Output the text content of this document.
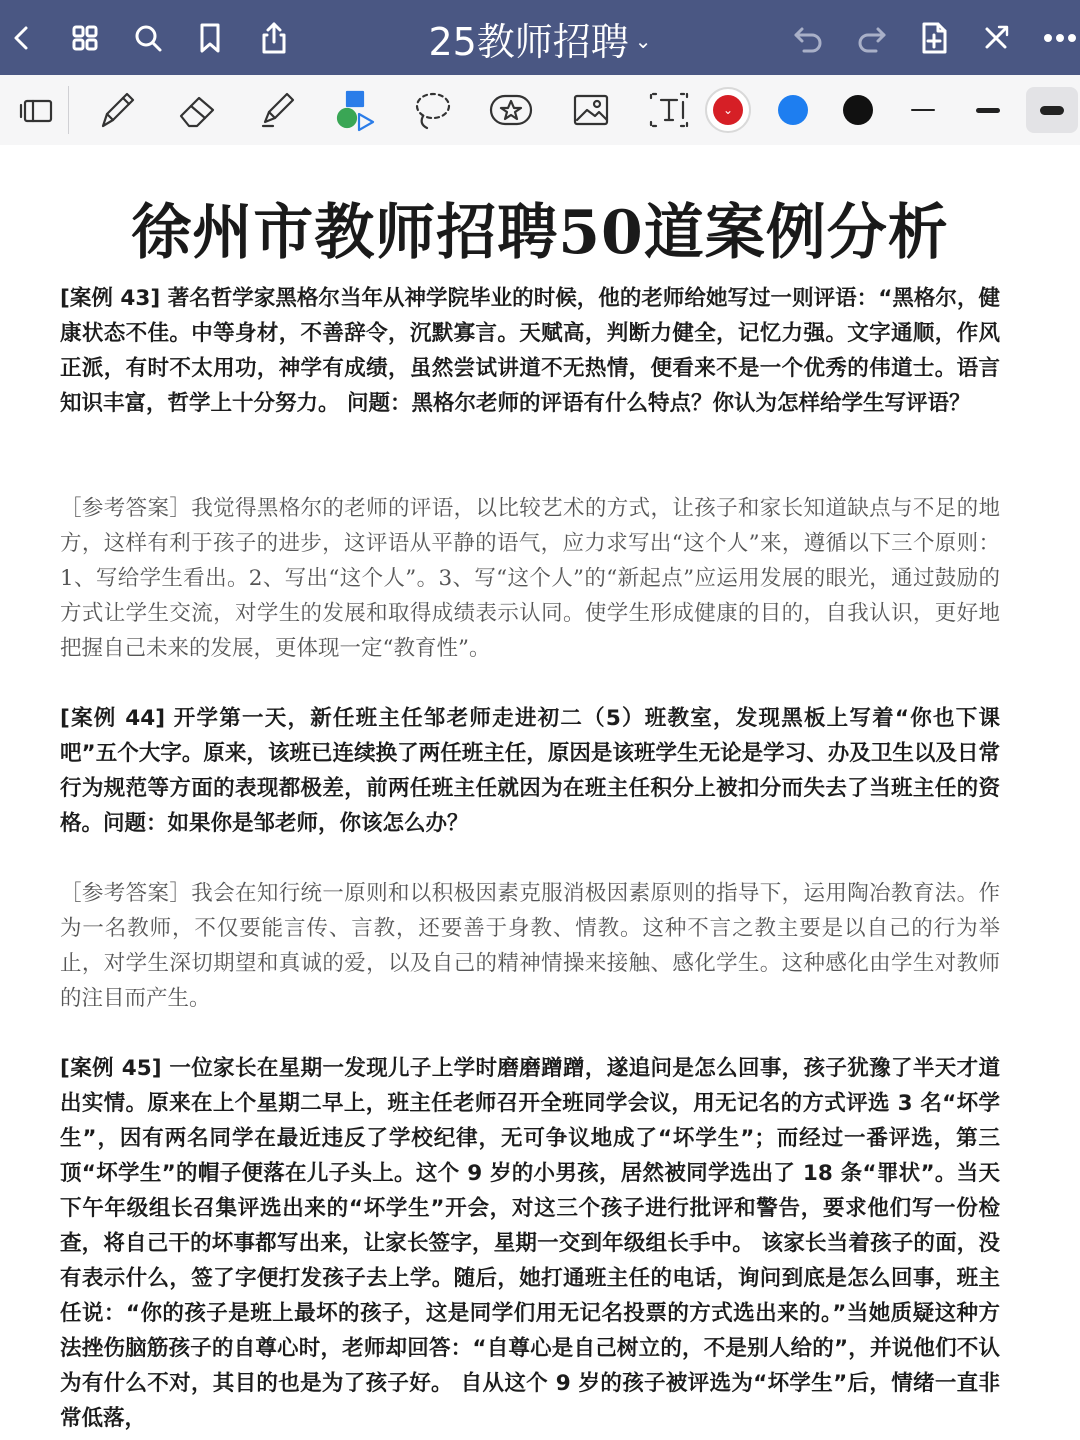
25教师招聘 ⌄
⌄
徐州市教师招聘50道案例分析
[案例 43] 著名哲学家黑格尔当年从神学院毕业的时候，他的老师给她写过一则评语：“黑格尔，健康状态不佳。中等身材，不善辞令，沉默寡言。天赋高，判断力健全，记忆力强。文字通顺，作风正派，有时不太用功，神学有成绩，虽然尝试讲道不无热情，便看来不是一个优秀的伟道士。语言知识丰富，哲学上十分努力。 问题：黑格尔老师的评语有什么特点？你认为怎样给学生写评语？
［参考答案］我觉得黑格尔的老师的评语，以比较艺术的方式，让孩子和家长知道缺点与不足的地方，这样有利于孩子的进步，这评语从平静的语气，应力求写出“这个人”来，遵循以下三个原则：1、写给学生看出。2、写出“这个人”。3、写“这个人”的“新起点”应运用发展的眼光，通过鼓励的方式让学生交流，对学生的发展和取得成绩表示认同。使学生形成健康的目的，自我认识，更好地把握自己未来的发展，更体现一定“教育性”。
[案例 44] 开学第一天，新任班主任邹老师走进初二（5）班教室，发现黑板上写着“你也下课吧”五个大字。原来，该班已连续换了两任班主任，原因是该班学生无论是学习、办及卫生以及日常行为规范等方面的表现都极差，前两任班主任就因为在班主任积分上被扣分而失去了当班主任的资格。问题：如果你是邹老师，你该怎么办？
［参考答案］我会在知行统一原则和以积极因素克服消极因素原则的指导下，运用陶冶教育法。作为一名教师，不仅要能言传、言教，还要善于身教、情教。这种不言之教主要是以自己的行为举止，对学生深切期望和真诚的爱，以及自己的精神情操来接触、感化学生。这种感化由学生对教师的注目而产生。
[案例 45] 一位家长在星期一发现儿子上学时磨磨蹭蹭，遂追问是怎么回事，孩子犹豫了半天才道出实情。原来在上个星期二早上，班主任老师召开全班同学会议，用无记名的方式评选 3 名“坏学生”，因有两名同学在最近违反了学校纪律，无可争议地成了“坏学生”；而经过一番评选，第三顶“坏学生”的帽子便落在儿子头上。这个 9 岁的小男孩，居然被同学选出了 18 条“罪状”。当天下午年级组长召集评选出来的“坏学生”开会，对这三个孩子进行批评和警告，要求他们写一份检查，将自己干的坏事都写出来，让家长签字，星期一交到年级组长手中。 该家长当着孩子的面，没有表示什么，签了字便打发孩子去上学。随后，她打通班主任的电话，询问到底是怎么回事，班主任说：“你的孩子是班上最坏的孩子，这是同学们用无记名投票的方式选出来的。”当她质疑这种方法挫伤脑筋孩子的自尊心时，老师却回答：“自尊心是自己树立的，不是别人给的”，并说他们不认为有什么不对，其目的也是为了孩子好。 自从这个 9 岁的孩子被评选为“坏学生”后，情绪一直非常低落，
